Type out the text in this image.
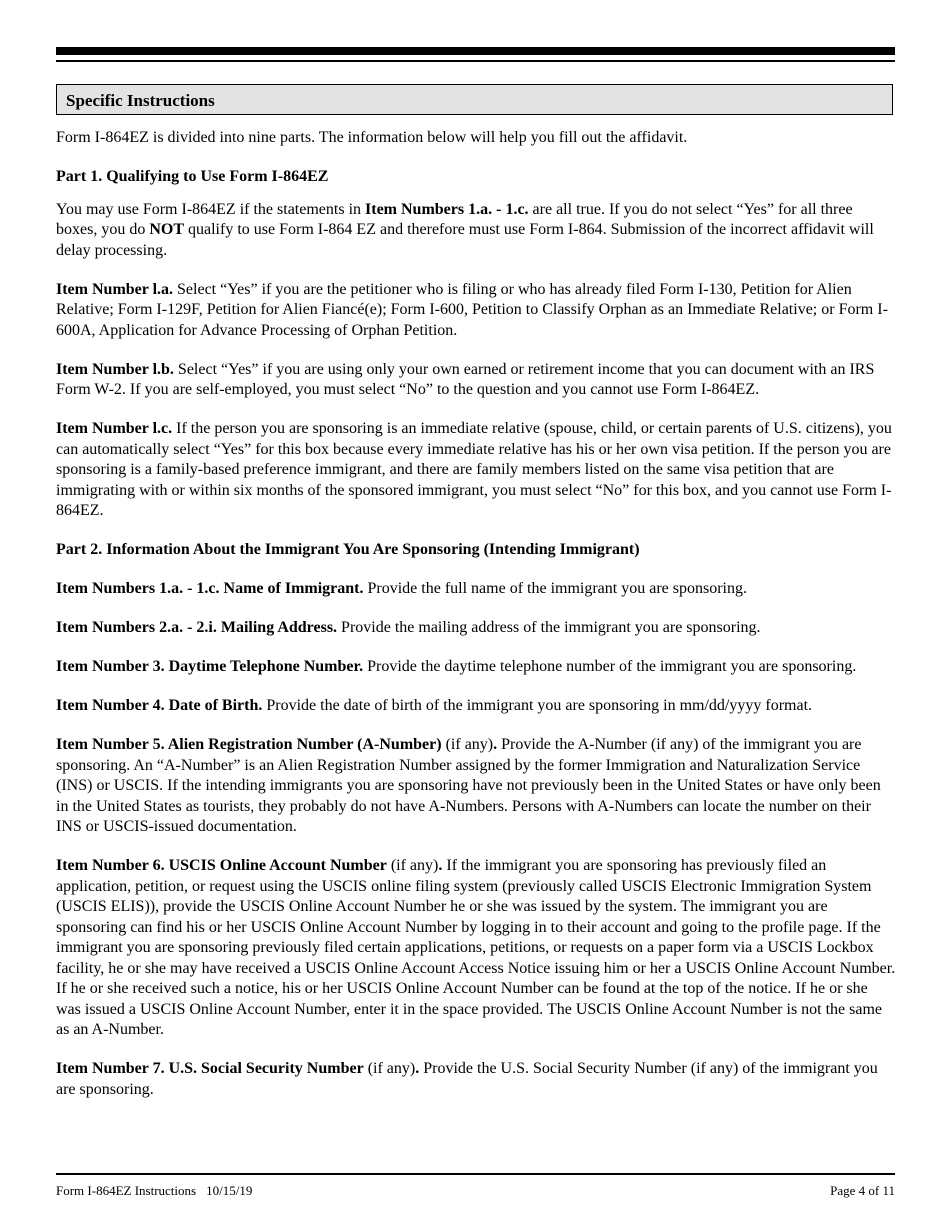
Specific Instructions

Form I-864EZ is divided into nine parts. The information below will help you fill out the affidavit.

Part 1. Qualifying to Use Form I-864EZ

You may use Form I-864EZ if the statements in Item Numbers 1.a. - 1.c. are all true. If you do not select “Yes” for all three boxes, you do NOT qualify to use Form I-864 EZ and therefore must use Form I-864. Submission of the incorrect affidavit will delay processing.

Item Number l.a. Select “Yes” if you are the petitioner who is filing or who has already filed Form I-130, Petition for Alien Relative; Form I-129F, Petition for Alien Fiancé(e); Form I-600, Petition to Classify Orphan as an Immediate Relative; or Form I-600A, Application for Advance Processing of Orphan Petition.

Item Number l.b. Select “Yes” if you are using only your own earned or retirement income that you can document with an IRS Form W-2. If you are self-employed, you must select “No” to the question and you cannot use Form I-864EZ.

Item Number l.c. If the person you are sponsoring is an immediate relative (spouse, child, or certain parents of U.S. citizens), you can automatically select “Yes” for this box because every immediate relative has his or her own visa petition. If the person you are sponsoring is a family-based preference immigrant, and there are family members listed on the same visa petition that are immigrating with or within six months of the sponsored immigrant, you must select “No” for this box, and you cannot use Form I-864EZ.

Part 2. Information About the Immigrant You Are Sponsoring (Intending Immigrant)

Item Numbers 1.a. - 1.c. Name of Immigrant. Provide the full name of the immigrant you are sponsoring.

Item Numbers 2.a. - 2.i. Mailing Address. Provide the mailing address of the immigrant you are sponsoring.

Item Number 3. Daytime Telephone Number. Provide the daytime telephone number of the immigrant you are sponsoring.

Item Number 4. Date of Birth. Provide the date of birth of the immigrant you are sponsoring in mm/dd/yyyy format.

Item Number 5. Alien Registration Number (A-Number) (if any). Provide the A-Number (if any) of the immigrant you are sponsoring. An “A-Number” is an Alien Registration Number assigned by the former Immigration and Naturalization Service (INS) or USCIS. If the intending immigrants you are sponsoring have not previously been in the United States or have only been in the United States as tourists, they probably do not have A-Numbers. Persons with A-Numbers can locate the number on their INS or USCIS-issued documentation.

Item Number 6. USCIS Online Account Number (if any). If the immigrant you are sponsoring has previously filed an application, petition, or request using the USCIS online filing system (previously called USCIS Electronic Immigration System (USCIS ELIS)), provide the USCIS Online Account Number he or she was issued by the system. The immigrant you are sponsoring can find his or her USCIS Online Account Number by logging in to their account and going to the profile page. If the immigrant you are sponsoring previously filed certain applications, petitions, or requests on a paper form via a USCIS Lockbox facility, he or she may have received a USCIS Online Account Access Notice issuing him or her a USCIS Online Account Number. If he or she received such a notice, his or her USCIS Online Account Number can be found at the top of the notice. If he or she was issued a USCIS Online Account Number, enter it in the space provided. The USCIS Online Account Number is not the same as an A-Number.

Item Number 7. U.S. Social Security Number (if any). Provide the U.S. Social Security Number (if any) of the immigrant you are sponsoring.

Form I-864EZ Instructions 10/15/19	Page 4 of 11
